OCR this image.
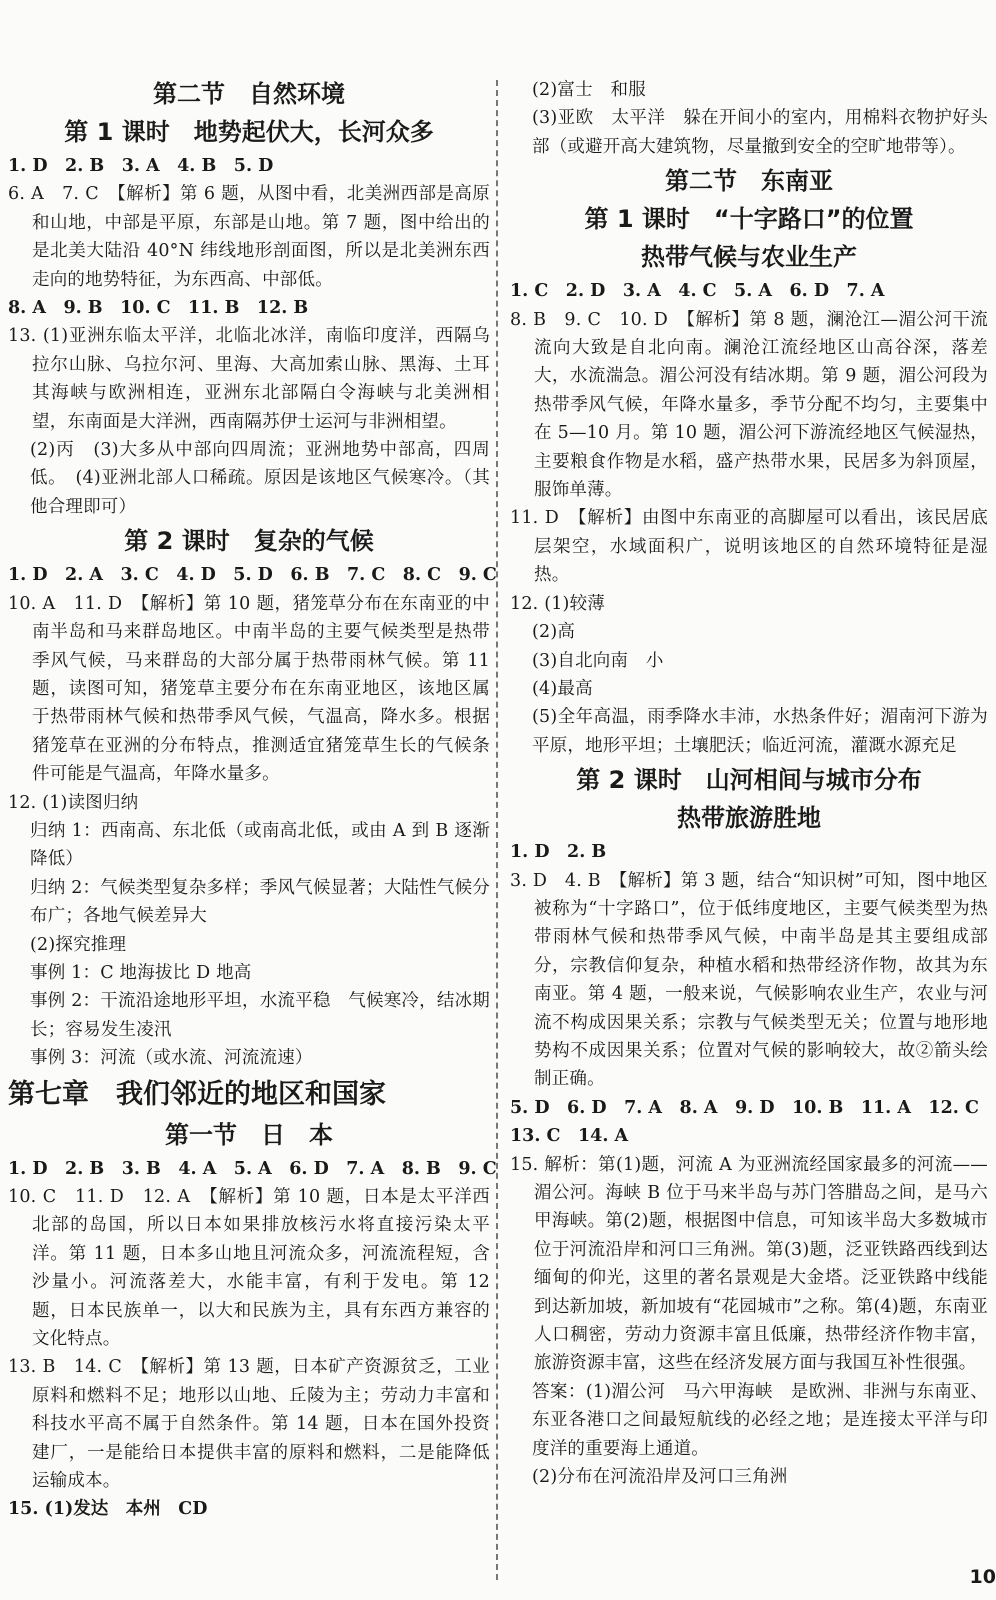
第二节　自然环境
第 1 课时　地势起伏大，长河众多
1. D　2. B　3. A　4. B　5. D
6. A　7. C　【解析】第 6 题，从图中看，北美洲西部是高原和山地，中部是平原，东部是山地。第 7 题，图中给出的是北美大陆沿 40°N 纬线地形剖面图，所以是北美洲东西走向的地势特征，为东西高、中部低。
8. A　9. B　10. C　11. B　12. B
13. (1)亚洲东临太平洋，北临北冰洋，南临印度洋，西隔乌拉尔山脉、乌拉尔河、里海、大高加索山脉、黑海、土耳其海峡与欧洲相连，亚洲东北部隔白令海峡与北美洲相望，东南面是大洋洲，西南隔苏伊士运河与非洲相望。
(2)丙　(3)大多从中部向四周流；亚洲地势中部高，四周低。　(4)亚洲北部人口稀疏。原因是该地区气候寒冷。（其他合理即可）
第 2 课时　复杂的气候
1. D　2. A　3. C　4. D　5. D　6. B　7. C　8. C　9. C
10. A　11. D　【解析】第 10 题，猪笼草分布在东南亚的中南半岛和马来群岛地区。中南半岛的主要气候类型是热带季风气候，马来群岛的大部分属于热带雨林气候。第 11 题，读图可知，猪笼草主要分布在东南亚地区，该地区属于热带雨林气候和热带季风气候，气温高，降水多。根据猪笼草在亚洲的分布特点，推测适宜猪笼草生长的气候条件可能是气温高，年降水量多。
12. (1)读图归纳
归纳 1：西南高、东北低（或南高北低，或由 A 到 B 逐渐降低）
归纳 2：气候类型复杂多样；季风气候显著；大陆性气候分布广；各地气候差异大
(2)探究推理
事例 1：C 地海拔比 D 地高
事例 2：干流沿途地形平坦，水流平稳　气候寒冷，结冰期长；容易发生凌汛
事例 3：河流（或水流、河流流速）
第七章　我们邻近的地区和国家
第一节　日　本
1. D　2. B　3. B　4. A　5. A　6. D　7. A　8. B　9. C
10. C　11. D　12. A　【解析】第 10 题，日本是太平洋西北部的岛国，所以日本如果排放核污水将直接污染太平洋。第 11 题，日本多山地且河流众多，河流流程短，含沙量小。河流落差大，水能丰富，有利于发电。第 12 题，日本民族单一，以大和民族为主，具有东西方兼容的文化特点。
13. B　14. C　【解析】第 13 题，日本矿产资源贫乏，工业原料和燃料不足；地形以山地、丘陵为主；劳动力丰富和科技水平高不属于自然条件。第 14 题，日本在国外投资建厂，一是能给日本提供丰富的原料和燃料，二是能降低运输成本。
15. (1)发达　本州　CD
(2)富士　和服
(3)亚欧　太平洋　躲在开间小的室内，用棉料衣物护好头部（或避开高大建筑物，尽量撤到安全的空旷地带等）。
第二节　东南亚
第 1 课时　“十字路口”的位置
热带气候与农业生产
1. C　2. D　3. A　4. C　5. A　6. D　7. A
8. B　9. C　10. D　【解析】第 8 题，澜沧江—湄公河干流流向大致是自北向南。澜沧江流经地区山高谷深，落差大，水流湍急。湄公河没有结冰期。第 9 题，湄公河段为热带季风气候，年降水量多，季节分配不均匀，主要集中在 5—10 月。第 10 题，湄公河下游流经地区气候湿热，主要粮食作物是水稻，盛产热带水果，民居多为斜顶屋，服饰单薄。
11. D　【解析】由图中东南亚的高脚屋可以看出，该民居底层架空，水域面积广，说明该地区的自然环境特征是湿热。
12. (1)较薄
(2)高
(3)自北向南　小
(4)最高
(5)全年高温，雨季降水丰沛，水热条件好；湄南河下游为平原，地形平坦；土壤肥沃；临近河流，灌溉水源充足
第 2 课时　山河相间与城市分布
热带旅游胜地
1. D　2. B
3. D　4. B　【解析】第 3 题，结合“知识树”可知，图中地区被称为“十字路口”，位于低纬度地区，主要气候类型为热带雨林气候和热带季风气候，中南半岛是其主要组成部分，宗教信仰复杂，种植水稻和热带经济作物，故其为东南亚。第 4 题，一般来说，气候影响农业生产，农业与河流不构成因果关系；宗教与气候类型无关；位置与地形地势构不成因果关系；位置对气候的影响较大，故②箭头绘制正确。
5. D　6. D　7. A　8. A　9. D　10. B　11. A　12. C
13. C　14. A
15. 解析：第(1)题，河流 A 为亚洲流经国家最多的河流——湄公河。海峡 B 位于马来半岛与苏门答腊岛之间，是马六甲海峡。第(2)题，根据图中信息，可知该半岛大多数城市位于河流沿岸和河口三角洲。第(3)题，泛亚铁路西线到达缅甸的仰光，这里的著名景观是大金塔。泛亚铁路中线能到达新加坡，新加坡有“花园城市”之称。第(4)题，东南亚人口稠密，劳动力资源丰富且低廉，热带经济作物丰富，旅游资源丰富，这些在经济发展方面与我国互补性很强。
答案：(1)湄公河　马六甲海峡　是欧洲、非洲与东南亚、东亚各港口之间最短航线的必经之地；是连接太平洋与印度洋的重要海上通道。
(2)分布在河流沿岸及河口三角洲
10
